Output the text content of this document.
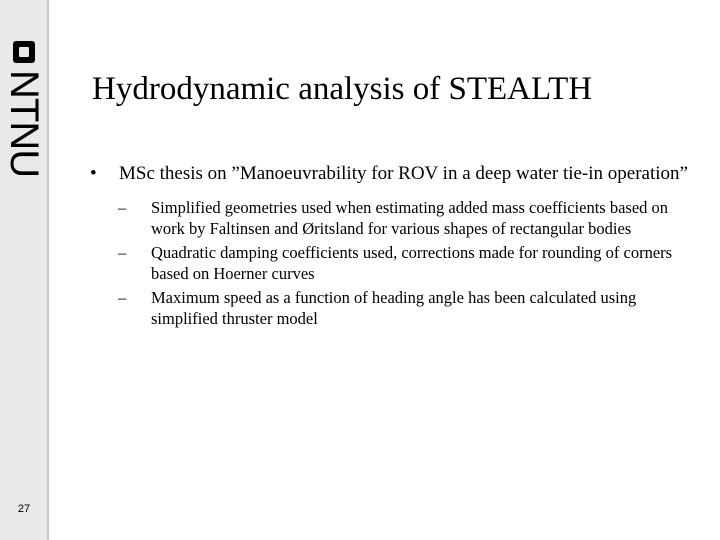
NTNU
27
Hydrodynamic analysis of STEALTH
•	MSc thesis on ”Manoeuvrability for ROV in a deep water tie-in operation”
–	Simplified geometries used when estimating added mass coefficients based on work by Faltinsen and Øritsland for various shapes of rectangular bodies
–	Quadratic damping coefficients used, corrections made for rounding of corners based on Hoerner curves
–	Maximum speed as a function of heading angle has been calculated using simplified thruster model
